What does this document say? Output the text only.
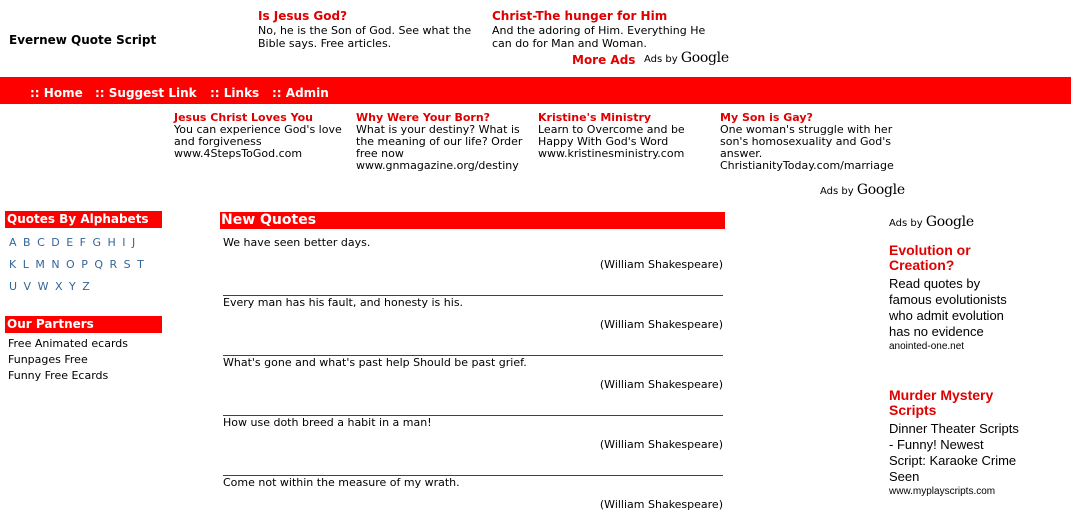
Evernew Quote Script
Is Jesus God?
No, he is the Son of God. See what the Bible says. Free articles.
Christ-The hunger for Him
And the adoring of Him. Everything He can do for Man and Woman.
More Ads Ads by Google
:: Home :: Suggest Link :: Links :: Admin
Jesus Christ Loves You
You can experience God's love and forgiveness
www.4StepsToGod.com
Why Were Your Born?
What is your destiny? What is the meaning of our life? Order free now
www.gnmagazine.org/destiny
Kristine's Ministry
Learn to Overcome and be Happy With God's Word
www.kristinesministry.com
My Son is Gay?
One woman's struggle with her son's homosexuality and God's answer.
ChristianityToday.com/marriage
Ads by Google
Quotes By Alphabets
A B C D E F G H I J
K L M N O P Q R S T
U V W X Y Z
Our Partners
Free Animated ecards
Funpages Free
Funny Free Ecards
New Quotes
We have seen better days.
(William Shakespeare)
Every man has his fault, and honesty is his.
(William Shakespeare)
What's gone and what's past help Should be past grief.
(William Shakespeare)
How use doth breed a habit in a man!
(William Shakespeare)
Come not within the measure of my wrath.
(William Shakespeare)
Ads by Google
Evolution or Creation?
Read quotes by famous evolutionists who admit evolution has no evidence
anointed-one.net
Murder Mystery Scripts
Dinner Theater Scripts - Funny! Newest Script: Karaoke Crime Seen
www.myplayscripts.com
